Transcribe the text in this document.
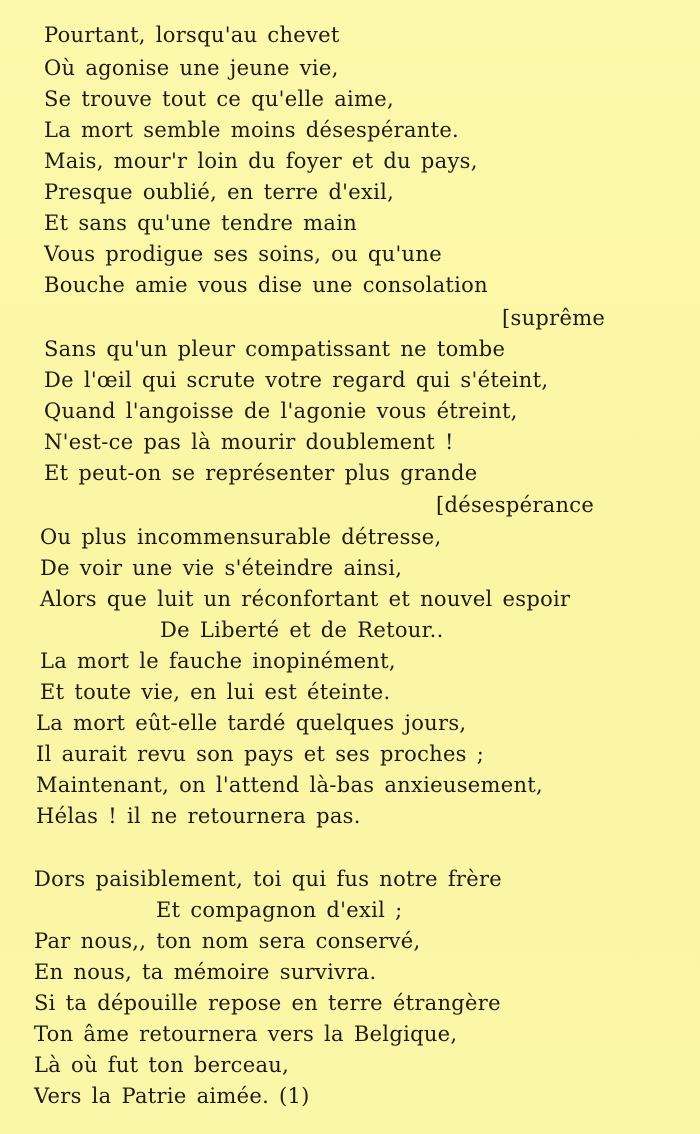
Pourtant, lorsqu'au chevet
Où agonise une jeune vie,
Se trouve tout ce qu'elle aime,
La mort semble moins désespérante.
Mais, mour'r loin du foyer et du pays,
Presque oublié, en terre d'exil,
Et sans qu'une tendre main
Vous prodigue ses soins, ou qu'une
Bouche amie vous dise une consolation
[suprême
Sans qu'un pleur compatissant ne tombe
De l'œil qui scrute votre regard qui s'éteint,
Quand l'angoisse de l'agonie vous étreint,
N'est-ce pas là mourir doublement !
Et peut-on se représenter plus grande
[désespérance
Ou plus incommensurable détresse,
De voir une vie s'éteindre ainsi,
Alors que luit un réconfortant et nouvel espoir
De Liberté et de Retour..
La mort le fauche inopinément,
Et toute vie, en lui est éteinte.
La mort eût-elle tardé quelques jours,
Il aurait revu son pays et ses proches ;
Maintenant, on l'attend là-bas anxieusement,
Hélas ! il ne retournera pas.
Dors paisiblement, toi qui fus notre frère
Et compagnon d'exil ;
Par nous,, ton nom sera conservé,
En nous, ta mémoire survivra.
Si ta dépouille repose en terre étrangère
Ton âme retournera vers la Belgique,
Là où fut ton berceau,
Vers la Patrie aimée. (1)
